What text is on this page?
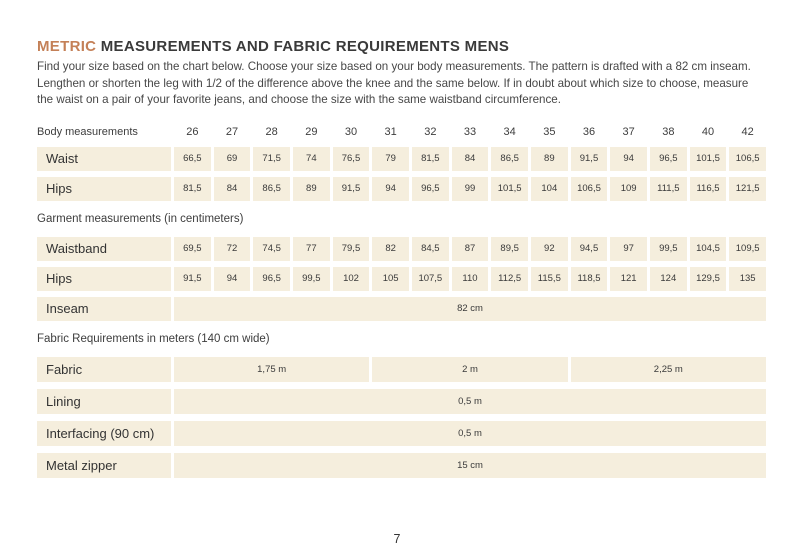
METRIC MEASUREMENTS AND FABRIC REQUIREMENTS MENS

Find your size based on the chart below. Choose your size based on your body measurements. The pattern is drafted with a 82 cm inseam. Lengthen or shorten the leg with 1/2 of the difference above the knee and the same below. If in doubt about which size to choose, measure the waist on a pair of your favorite jeans, and choose the size with the same waistband circumference.

Body measurements	26	27	28	29	30	31	32	33	34	35	36	37	38	40	42
Waist	66,5	69	71,5	74	76,5	79	81,5	84	86,5	89	91,5	94	96,5	101,5	106,5
Hips	81,5	84	86,5	89	91,5	94	96,5	99	101,5	104	106,5	109	111,5	116,5	121,5
Garment measurements (in centimeters)
Waistband	69,5	72	74,5	77	79,5	82	84,5	87	89,5	92	94,5	97	99,5	104,5	109,5
Hips	91,5	94	96,5	99,5	102	105	107,5	110	112,5	115,5	118,5	121	124	129,5	135
Inseam	82 cm
Fabric Requirements in meters (140 cm wide)
Fabric	1,75 m	2 m	2,25 m
Lining	0,5 m
Interfacing (90 cm)	0,5 m
Metal zipper	15 cm
7
